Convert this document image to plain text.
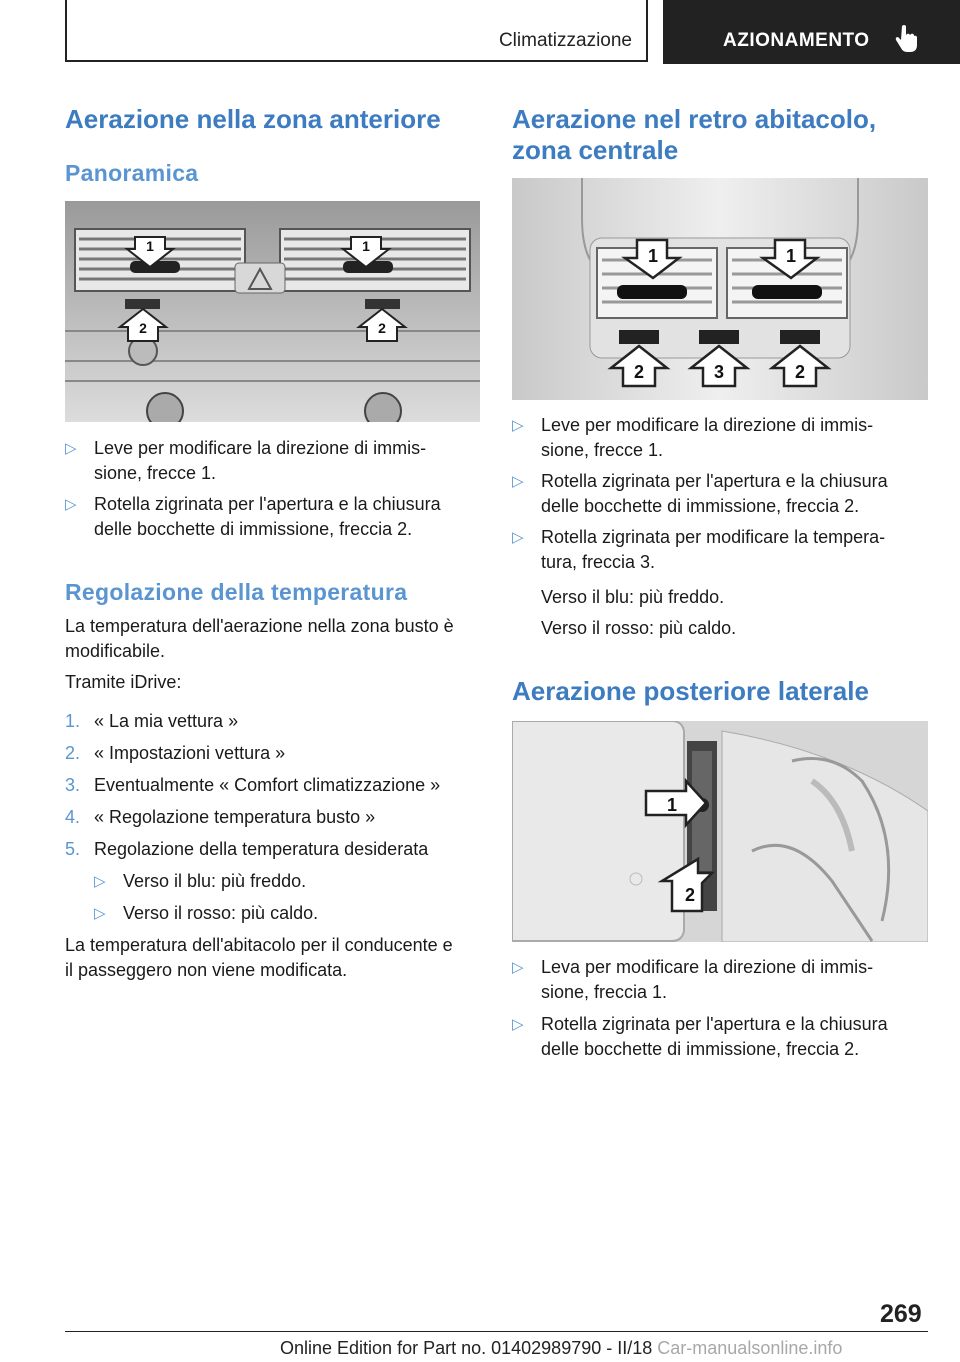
Climatizzazione	AZIONAMENTO
Aerazione nella zona anteriore
Panoramica
1	1
2	2
▷ Leve per modificare la direzione di immis-
sione, frecce 1.
▷ Rotella zigrinata per l'apertura e la chiusura
delle bocchette di immissione, freccia 2.
Regolazione della temperatura
La temperatura dell'aerazione nella zona busto è
modificabile.
Tramite iDrive:
1. « La mia vettura »
2. « Impostazioni vettura »
3. Eventualmente « Comfort climatizzazione »
4. « Regolazione temperatura busto »
5. Regolazione della temperatura desiderata
▷ Verso il blu: più freddo.
▷ Verso il rosso: più caldo.
La temperatura dell'abitacolo per il conducente e
il passeggero non viene modificata.
Aerazione nel retro abitacolo,
zona centrale
1	1
2	3	2
▷ Leve per modificare la direzione di immis-
sione, frecce 1.
▷ Rotella zigrinata per l'apertura e la chiusura
delle bocchette di immissione, freccia 2.
▷ Rotella zigrinata per modificare la tempera-
tura, freccia 3.
Verso il blu: più freddo.
Verso il rosso: più caldo.
Aerazione posteriore laterale
1
2
▷ Leva per modificare la direzione di immis-
sione, freccia 1.
▷ Rotella zigrinata per l'apertura e la chiusura
delle bocchette di immissione, freccia 2.
269
Online Edition for Part no. 01402989790 - II/18 Car-manualsonline.info
